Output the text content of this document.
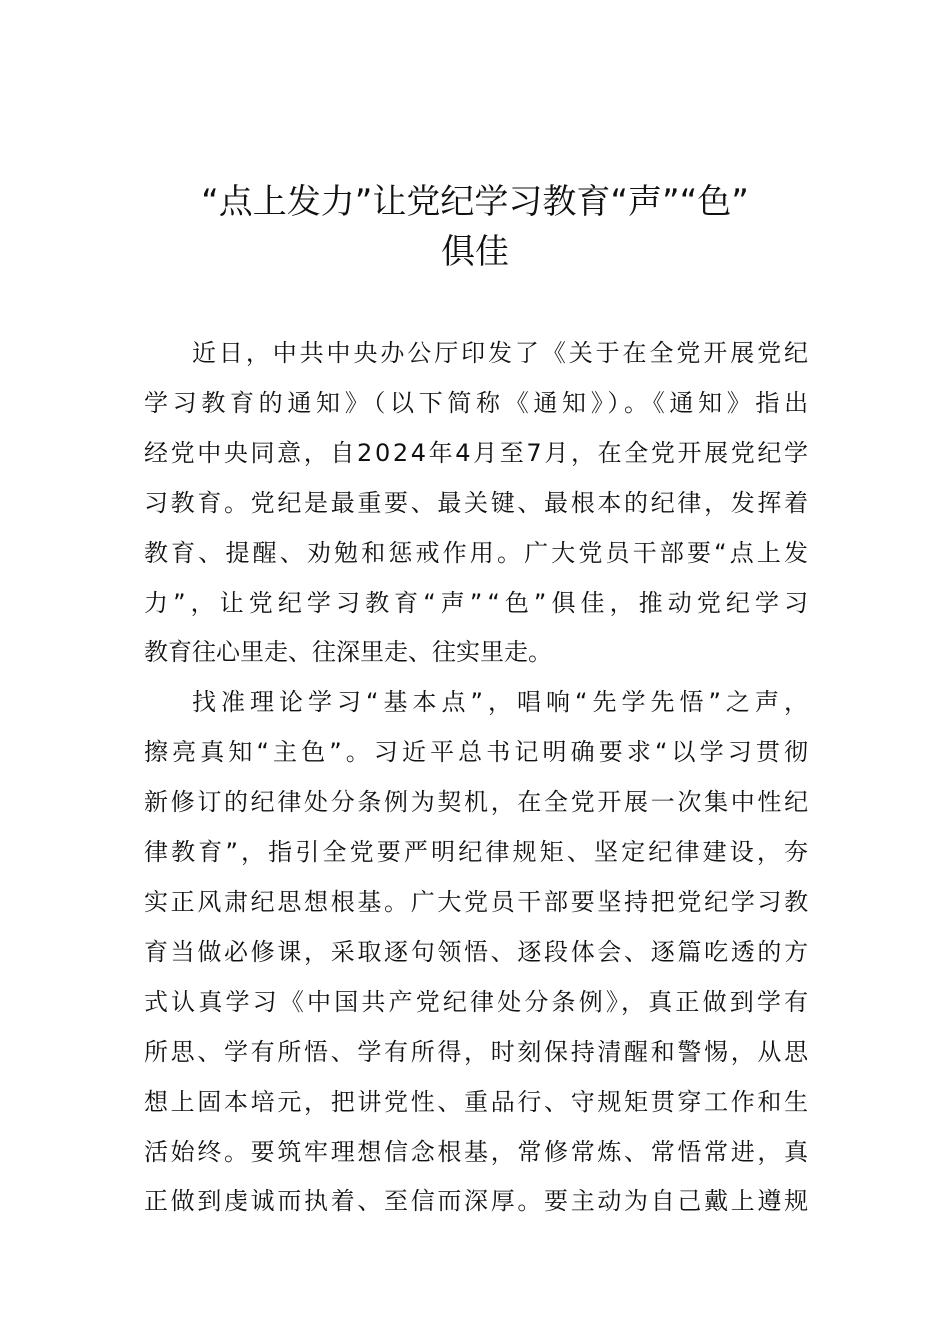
“点上发力”让党纪学习教育“声”“色”
俱佳
近日，中共中央办公厅印发了《关于在全党开展党纪
学习教育的通知》（以下简称《通知》）。《通知》指出
经党中央同意，自2024年4月至7月，在全党开展党纪学
习教育。党纪是最重要、最关键、最根本的纪律，发挥着
教育、提醒、劝勉和惩戒作用。广大党员干部要“点上发
力”，让党纪学习教育“声”“色”俱佳，推动党纪学习
教育往心里走、往深里走、往实里走。
找准理论学习“基本点”，唱响“先学先悟”之声，
擦亮真知“主色”。习近平总书记明确要求“以学习贯彻
新修订的纪律处分条例为契机，在全党开展一次集中性纪
律教育”，指引全党要严明纪律规矩、坚定纪律建设，夯
实正风肃纪思想根基。广大党员干部要坚持把党纪学习教
育当做必修课，采取逐句领悟、逐段体会、逐篇吃透的方
式认真学习《中国共产党纪律处分条例》，真正做到学有
所思、学有所悟、学有所得，时刻保持清醒和警惕，从思
想上固本培元，把讲党性、重品行、守规矩贯穿工作和生
活始终。要筑牢理想信念根基，常修常炼、常悟常进，真
正做到虔诚而执着、至信而深厚。要主动为自己戴上遵规
